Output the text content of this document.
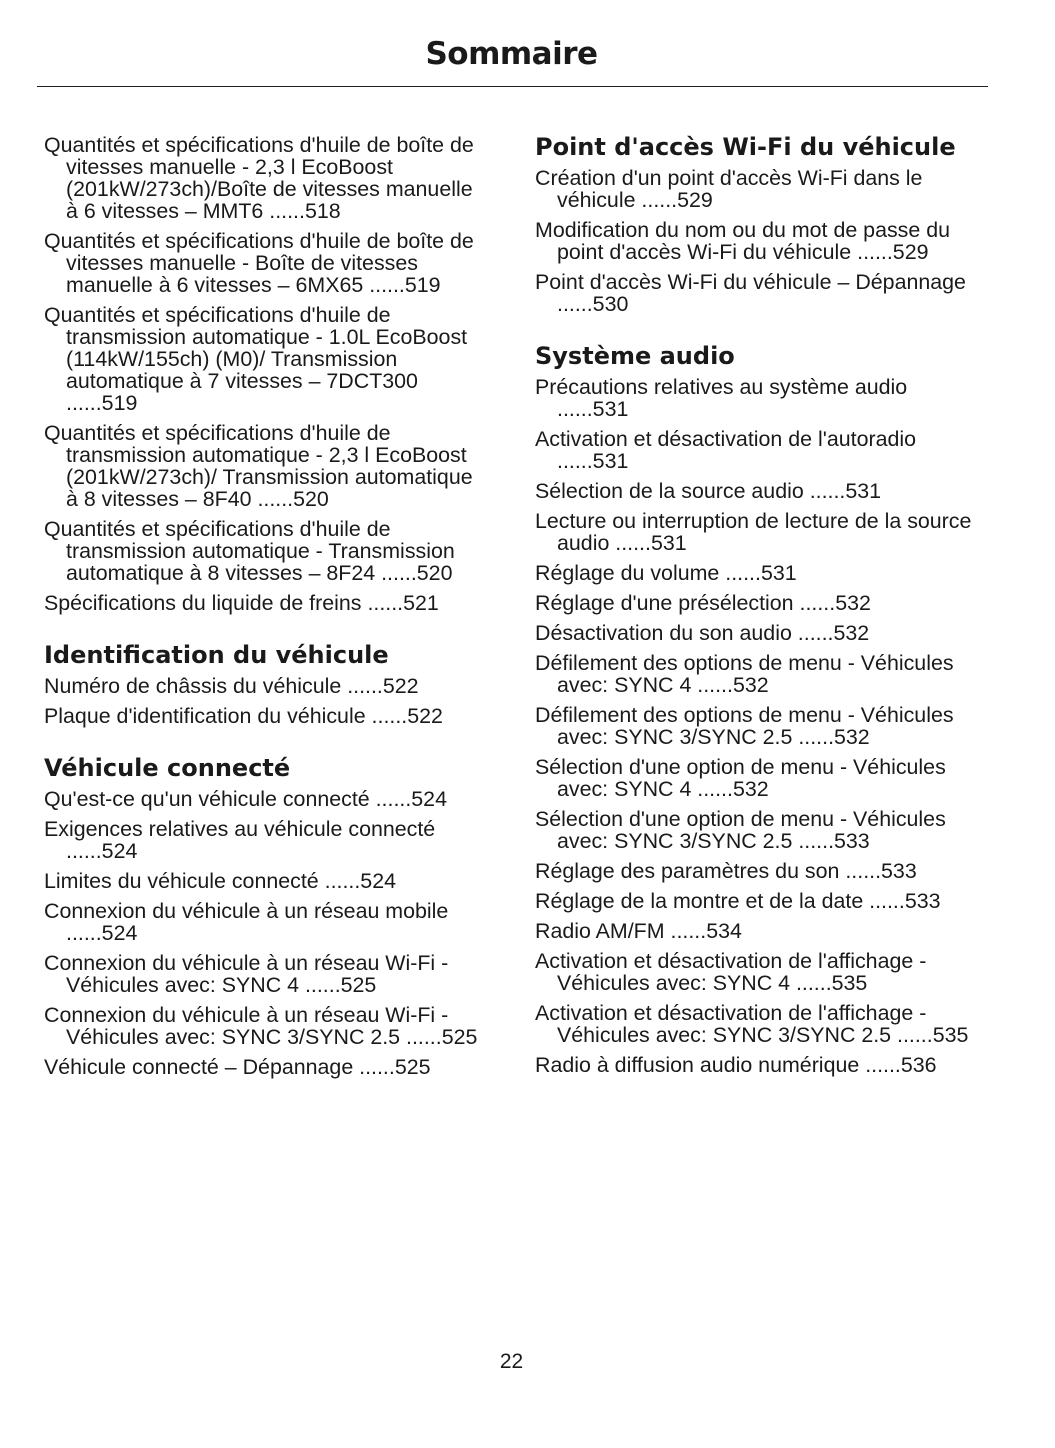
Sommaire
Quantités et spécifications d'huile de boîte de vitesses manuelle - 2,3 l EcoBoost (201kW/273ch)/Boîte de vitesses manuelle à 6 vitesses – MMT6 ......518
Quantités et spécifications d'huile de boîte de vitesses manuelle - Boîte de vitesses manuelle à 6 vitesses – 6MX65 ......519
Quantités et spécifications d'huile de transmission automatique - 1.0L EcoBoost (114kW/155ch) (M0)/ Transmission automatique à 7 vitesses – 7DCT300 ......519
Quantités et spécifications d'huile de transmission automatique - 2,3 l EcoBoost (201kW/273ch)/ Transmission automatique à 8 vitesses – 8F40 ......520
Quantités et spécifications d'huile de transmission automatique - Transmission automatique à 8 vitesses – 8F24 ......520
Spécifications du liquide de freins ......521
Identification du véhicule
Numéro de châssis du véhicule ......522
Plaque d'identification du véhicule ......522
Véhicule connecté
Qu'est-ce qu'un véhicule connecté ......524
Exigences relatives au véhicule connecté ......524
Limites du véhicule connecté ......524
Connexion du véhicule à un réseau mobile ......524
Connexion du véhicule à un réseau Wi-Fi - Véhicules avec: SYNC 4 ......525
Connexion du véhicule à un réseau Wi-Fi - Véhicules avec: SYNC 3/SYNC 2.5 ......525
Véhicule connecté – Dépannage ......525
Point d'accès Wi-Fi du véhicule
Création d'un point d'accès Wi-Fi dans le véhicule ......529
Modification du nom ou du mot de passe du point d'accès Wi-Fi du véhicule ......529
Point d'accès Wi-Fi du véhicule – Dépannage ......530
Système audio
Précautions relatives au système audio ......531
Activation et désactivation de l'autoradio ......531
Sélection de la source audio ......531
Lecture ou interruption de lecture de la source audio ......531
Réglage du volume ......531
Réglage d'une présélection ......532
Désactivation du son audio ......532
Défilement des options de menu - Véhicules avec: SYNC 4 ......532
Défilement des options de menu - Véhicules avec: SYNC 3/SYNC 2.5 ......532
Sélection d'une option de menu - Véhicules avec: SYNC 4 ......532
Sélection d'une option de menu - Véhicules avec: SYNC 3/SYNC 2.5 ......533
Réglage des paramètres du son ......533
Réglage de la montre et de la date ......533
Radio AM/FM ......534
Activation et désactivation de l'affichage - Véhicules avec: SYNC 4 ......535
Activation et désactivation de l'affichage - Véhicules avec: SYNC 3/SYNC 2.5 ......535
Radio à diffusion audio numérique ......536
22
